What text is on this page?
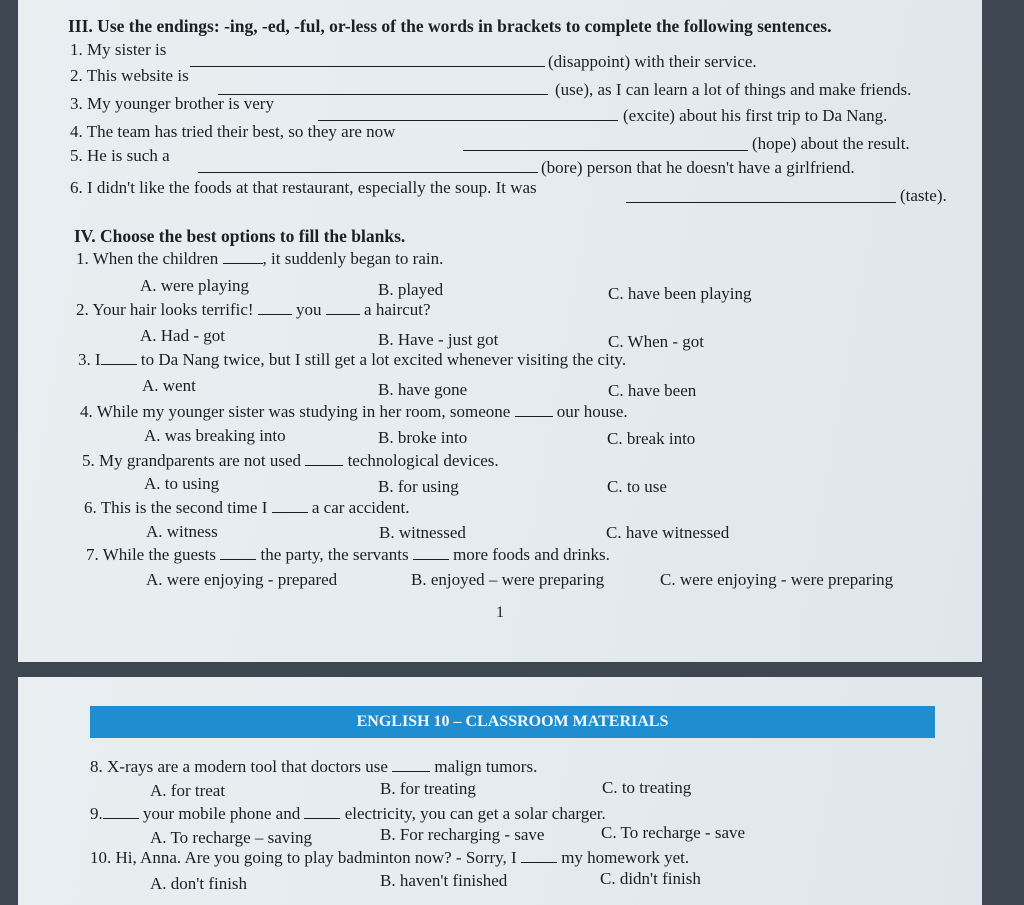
III. Use the endings: -ing, -ed, -ful, or-less of the words in brackets to complete the following sentences.
1. My sister is
(disappoint) with their service.
2. This website is
(use), as I can learn a lot of things and make friends.
3. My younger brother is very
(excite) about his first trip to Da Nang.
4. The team has tried their best, so they are now
(hope) about the result.
5. He is such a
(bore) person that he doesn't have a girlfriend.
6. I didn't like the foods at that restaurant, especially the soup. It was	(taste).
IV. Choose the best options to fill the blanks.
1. When the children	, it suddenly began to rain.
A. were playing	B. played	C. have been playing
2. Your hair looks terrific!	you	a haircut?
A. Had - got	B. Have - just got	C. When - got
3. I to Da Nang twice, but I still get a lot excited whenever visiting the city.
A. went	B. have gone	C. have been
4. While my younger sister was studying in her room, someone	our house.
A. was breaking into	B. broke into	C. break into
5. My grandparents are not used	technological devices.
A. to using	B. for using	C. to use
6. This is the second time I	a car accident.
A. witness	B. witnessed	C. have witnessed
7. While the guests	the party, the servants	more foods and drinks.
A. were enjoying - prepared	B. enjoyed – were preparing	C. were enjoying - were preparing
1
ENGLISH 10 – CLASSROOM MATERIALS
8. X-rays are a modern tool that doctors use	malign tumors.
A. for treat	B. for treating	C. to treating
9. your mobile phone and	electricity, you can get a solar charger.
A. To recharge – saving	B. For recharging - save	C. To recharge - save
10. Hi, Anna. Are you going to play badminton now? - Sorry, I	my homework yet.
A. don't finish	B. haven't finished	C. didn't finish
